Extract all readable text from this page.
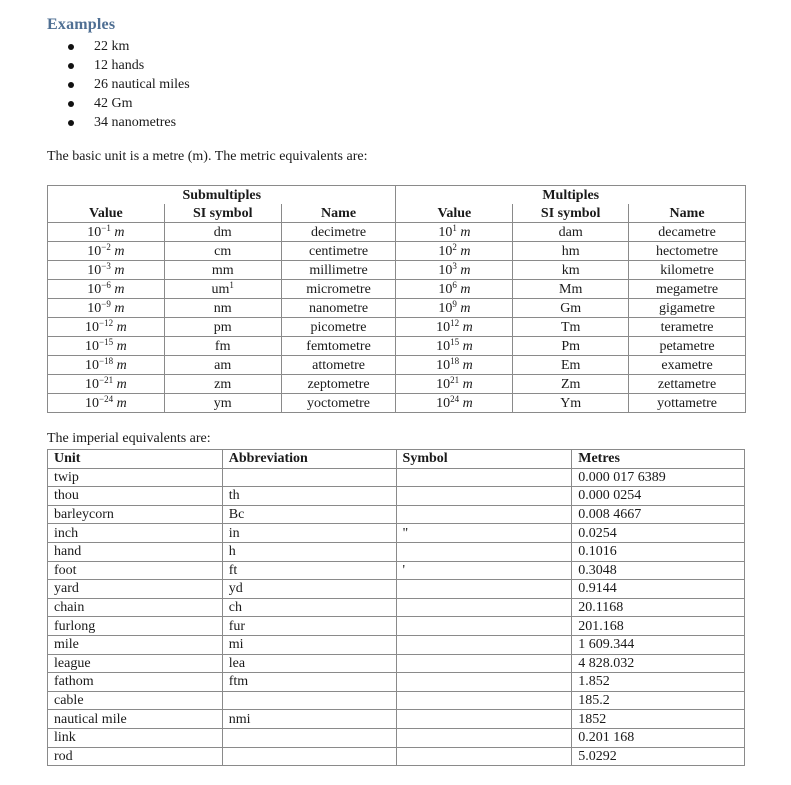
Examples
22 km
12 hands
26 nautical miles
42 Gm
34 nanometres
The basic unit is a metre (m). The metric equivalents are:
Submultiples			Multiples		
Value	SI symbol	Name	Value	SI symbol	Name
$10^{-1}$ m	dm	decimetre	$10^1$ m	dam	decametre
$10^{-2}$ m	cm	centimetre	$10^2$ m	hm	hectometre
$10^{-3}$ m	mm	millimetre	$10^3$ m	km	kilometre
$10^{-6}$ m	$um^1$	micrometre	$10^6$ m	Mm	megametre
$10^{-9}$ m	nm	nanometre	$10^9$ m	Gm	gigametre
$10^{-12}$ m	pm	picometre	$10^{12}$ m	Tm	terametre
$10^{-15}$ m	fm	femtometre	$10^{15}$ m	Pm	petametre
$10^{-18}$ m	am	attometre	$10^{18}$ m	Em	exametre
$10^{-21}$ m	zm	zeptometre	$10^{21}$ m	Zm	zettametre
$10^{-24}$ m	ym	yoctometre	$10^{24}$ m	Ym	yottametre
The imperial equivalents are:
Unit	Abbreviation	Symbol	Metres
twip			0.000 017 6389
thou	th		0.000 0254
barleycorn	Bc		0.008 4667
inch	in	"	0.0254
hand	h		0.1016
foot	ft	'	0.3048
yard	yd		0.9144
chain	ch		20.1168
furlong	fur		201.168
mile	mi		1 609.344
league	lea		4 828.032
fathom	ftm		1.852
cable			185.2
nautical mile	nmi		1852
link			0.201 168
rod			5.0292
